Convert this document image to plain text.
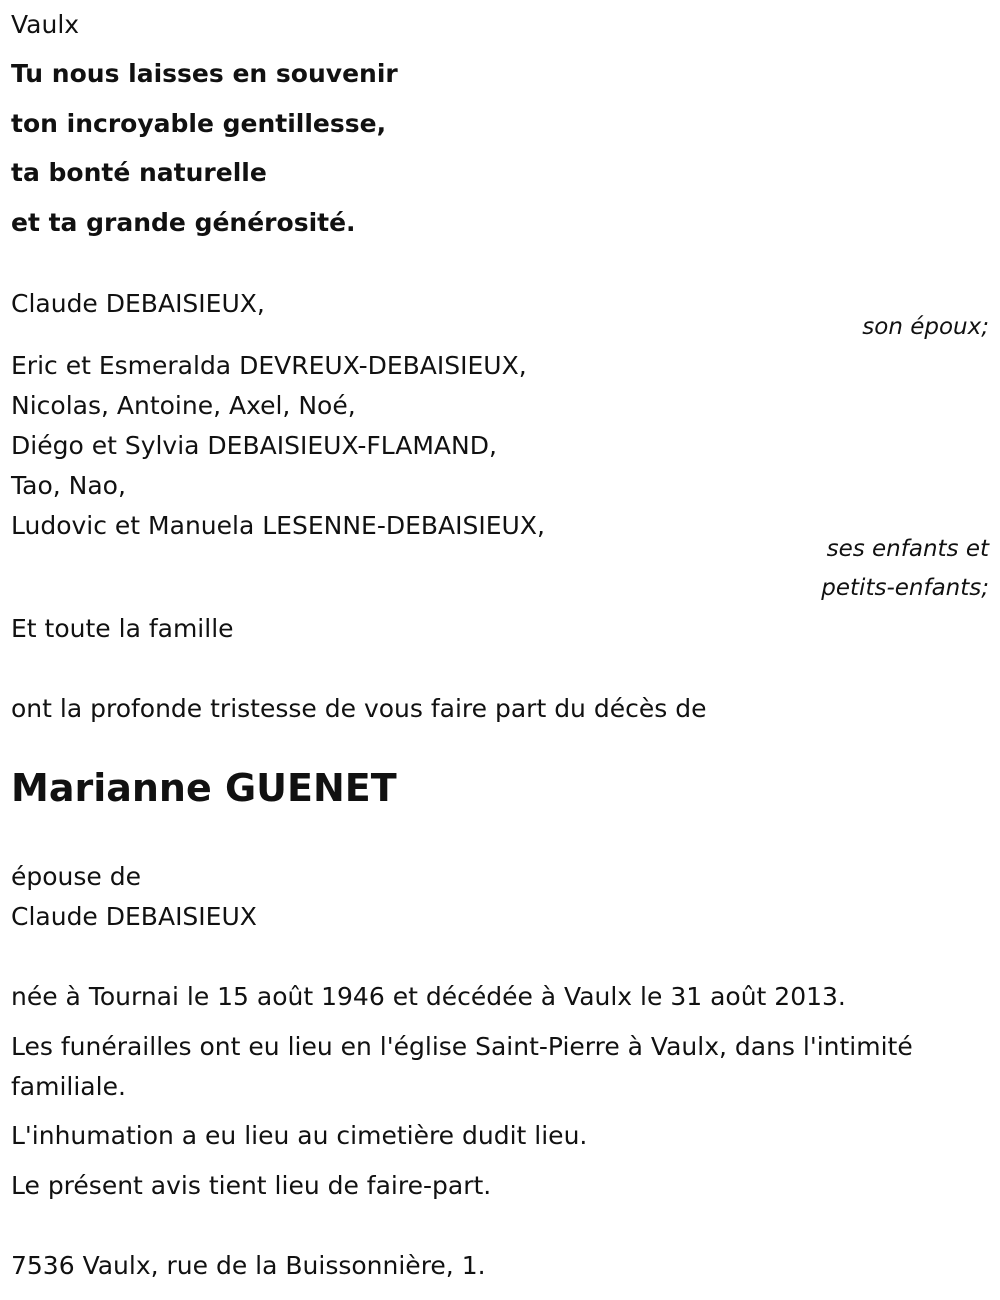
Vaulx
Tu nous laisses en souvenir
ton incroyable gentillesse,
ta bonté naturelle
et ta grande générosité.
Claude DEBAISIEUX,
son époux;
Eric et Esmeralda DEVREUX-DEBAISIEUX,
Nicolas, Antoine, Axel, Noé,
Diégo et Sylvia DEBAISIEUX-FLAMAND,
Tao, Nao,
Ludovic et Manuela LESENNE-DEBAISIEUX,
ses enfants et
petits-enfants;
Et toute la famille
ont la profonde tristesse de vous faire part du décès de
Marianne GUENET
épouse de
Claude DEBAISIEUX
née à Tournai le 15 août 1946 et décédée à Vaulx le 31 août 2013.
Les funérailles ont eu lieu en l'église Saint-Pierre à Vaulx, dans l'intimité
familiale.
L'inhumation a eu lieu au cimetière dudit lieu.
Le présent avis tient lieu de faire-part.
7536 Vaulx, rue de la Buissonnière, 1.
